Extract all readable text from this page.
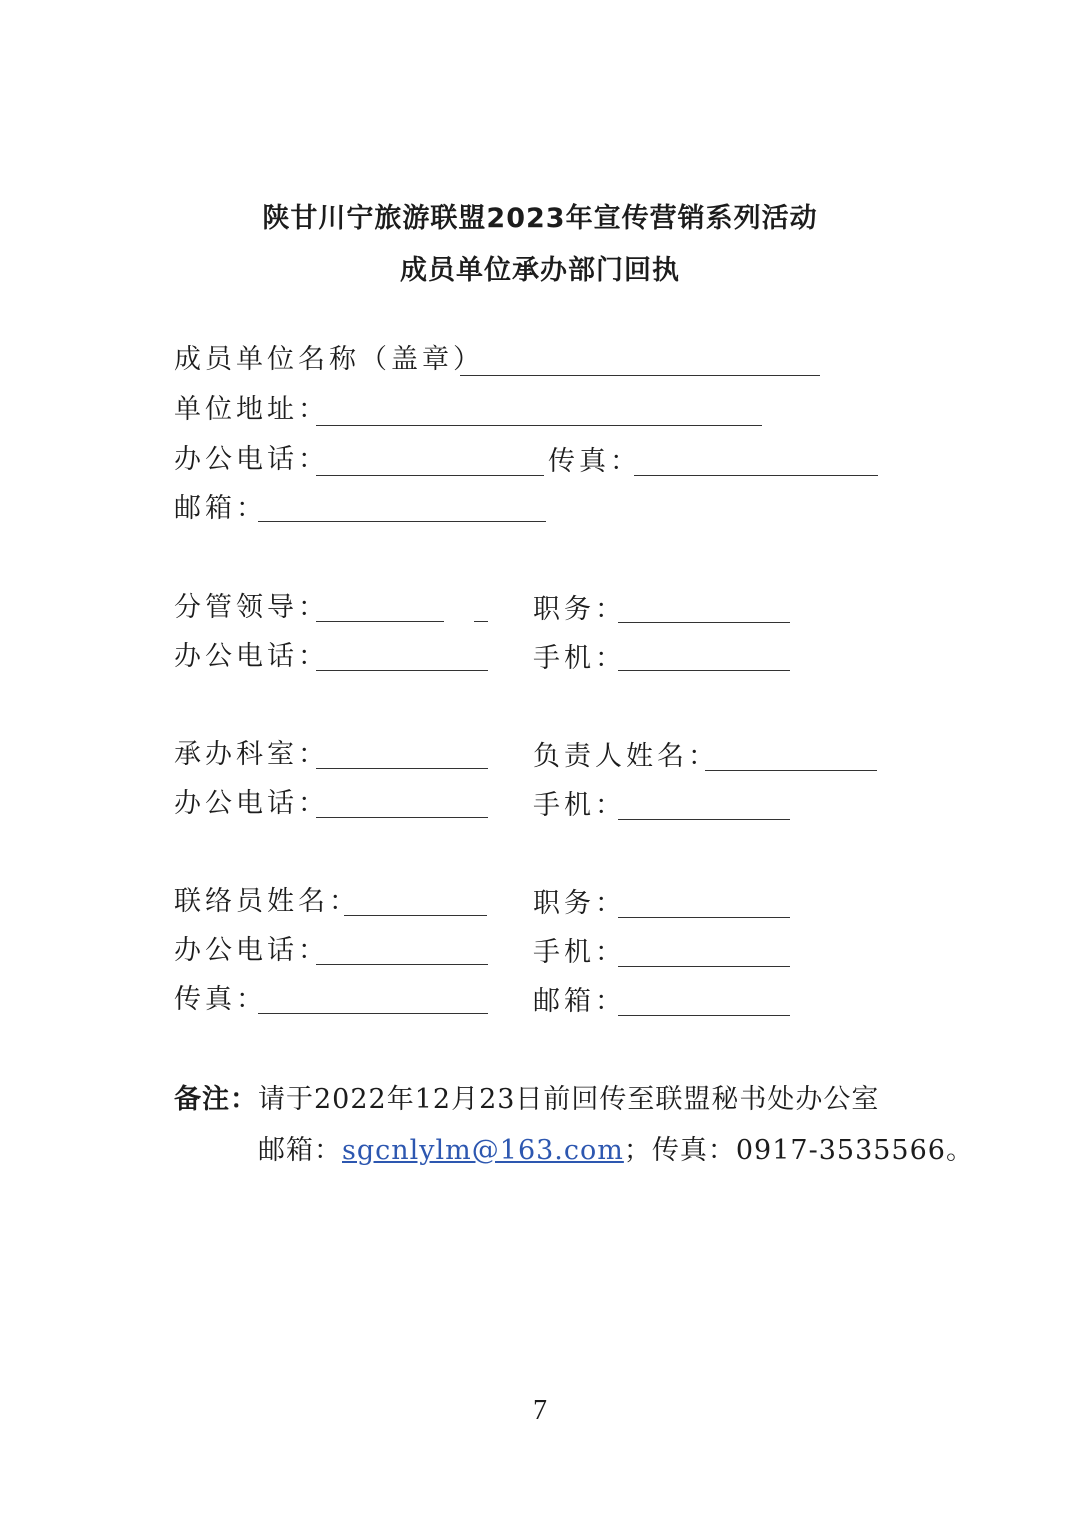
陕甘川宁旅游联盟2023年宣传营销系列活动
成员单位承办部门回执
成员单位名称（盖章）
单位地址：
办公电话：	传真：
邮箱：
分管领导：	职务：
办公电话：	手机：
承办科室：	负责人姓名：
办公电话：	手机：
联络员姓名：	职务：
办公电话：	手机：
传真：	邮箱：
备注：请于2022年12月23日前回传至联盟秘书处办公室
邮箱：sgcnlylm@163.com；传真：0917-3535566。
7
